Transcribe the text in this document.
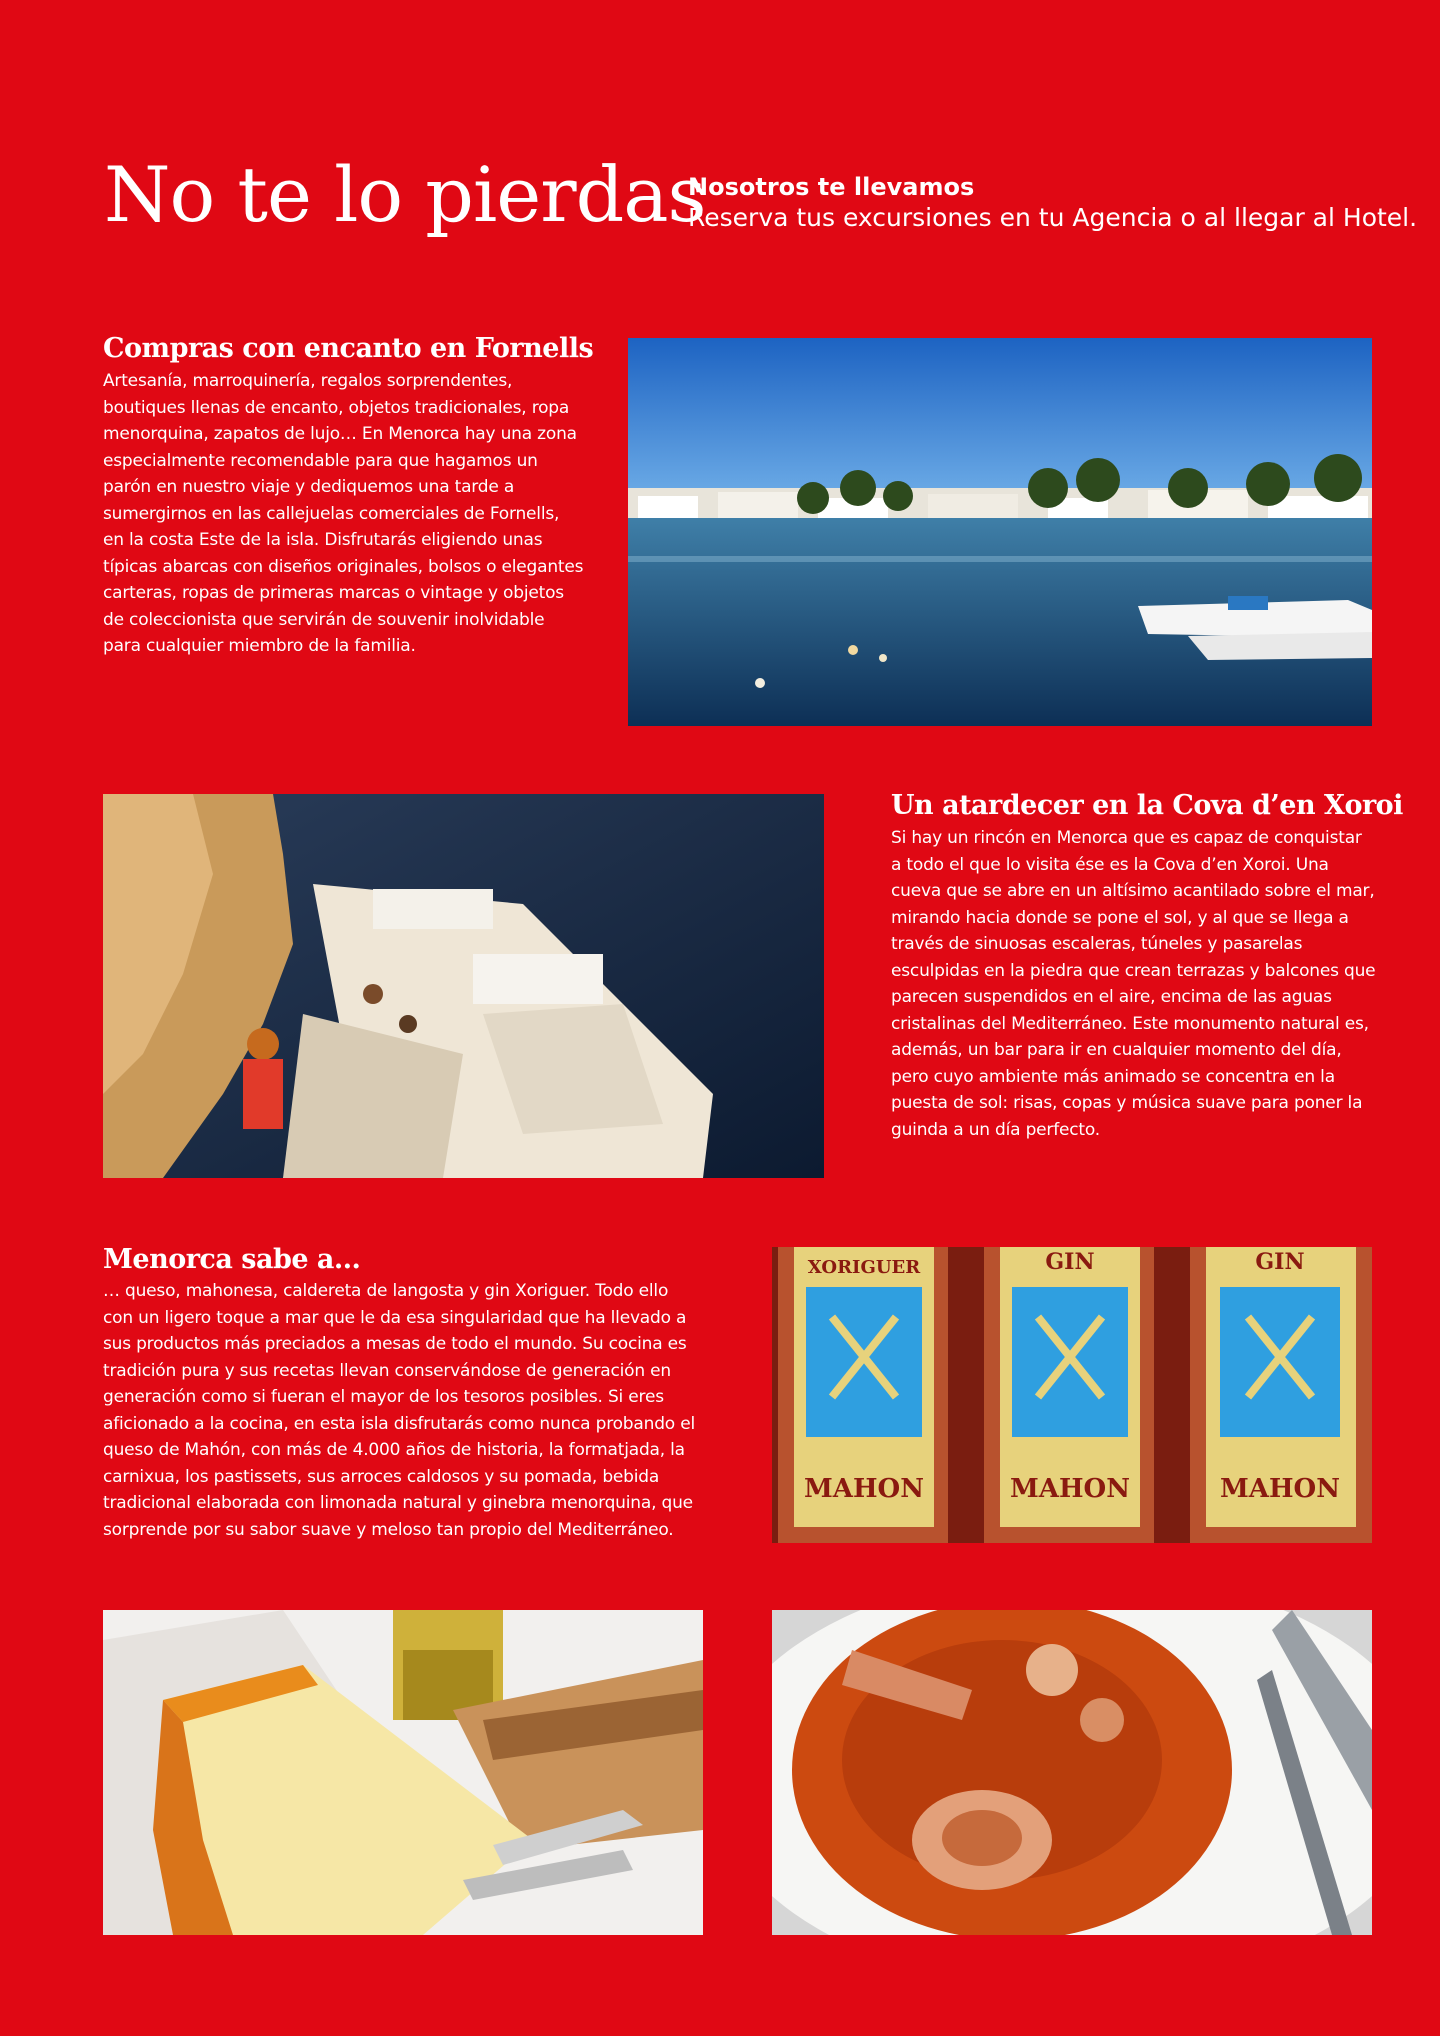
No te lo pierdas
Nosotros te llevamos
Reserva tus excursiones en tu Agencia o al llegar al Hotel.
Compras con encanto en Fornells
Artesanía, marroquinería, regalos sorprendentes, boutiques llenas de encanto, objetos tradicionales, ropa menorquina, zapatos de lujo… En Menorca hay una zona especialmente recomendable para que hagamos un parón en nuestro viaje y dediquemos una tarde a sumergirnos en las callejuelas comerciales de Fornells, en la costa Este de la isla. Disfrutarás eligiendo unas típicas abarcas con diseños originales, bolsos o elegantes carteras, ropas de primeras marcas o vintage y objetos de coleccionista que servirán de souvenir inolvidable para cualquier miembro de la familia.
Un atardecer en la Cova d’en Xoroi
Si hay un rincón en Menorca que es capaz de conquistar a todo el que lo visita ése es la Cova d’en Xoroi. Una cueva que se abre en un altísimo acantilado sobre el mar, mirando hacia donde se pone el sol, y al que se llega a través de sinuosas escaleras, túneles y pasarelas esculpidas en la piedra que crean terrazas y balcones que parecen suspendidos en el aire, encima de las aguas cristalinas del Mediterráneo. Este monumento natural es, además, un bar para ir en cualquier momento del día, pero cuyo ambiente más animado se concentra en la puesta de sol: risas, copas y música suave para poner la guinda a un día perfecto.
Menorca sabe a…
… queso, mahonesa, caldereta de langosta y gin Xoriguer. Todo ello con un ligero toque a mar que le da esa singularidad que ha llevado a sus productos más preciados a mesas de todo el mundo. Su cocina es tradición pura y sus recetas llevan conservándose de generación en generación como si fueran el mayor de los tesoros posibles. Si eres aficionado a la cocina, en esta isla disfrutarás como nunca probando el queso de Mahón, con más de 4.000 años de historia, la formatjada, la carnixua, los pastissets, sus arroces caldosos y su pomada, bebida tradicional elaborada con limonada natural y ginebra menorquina, que sorprende por su sabor suave y meloso tan propio del Mediterráneo.
XORIGUER
MAHON
GIN
MAHON
GIN
MAHON
